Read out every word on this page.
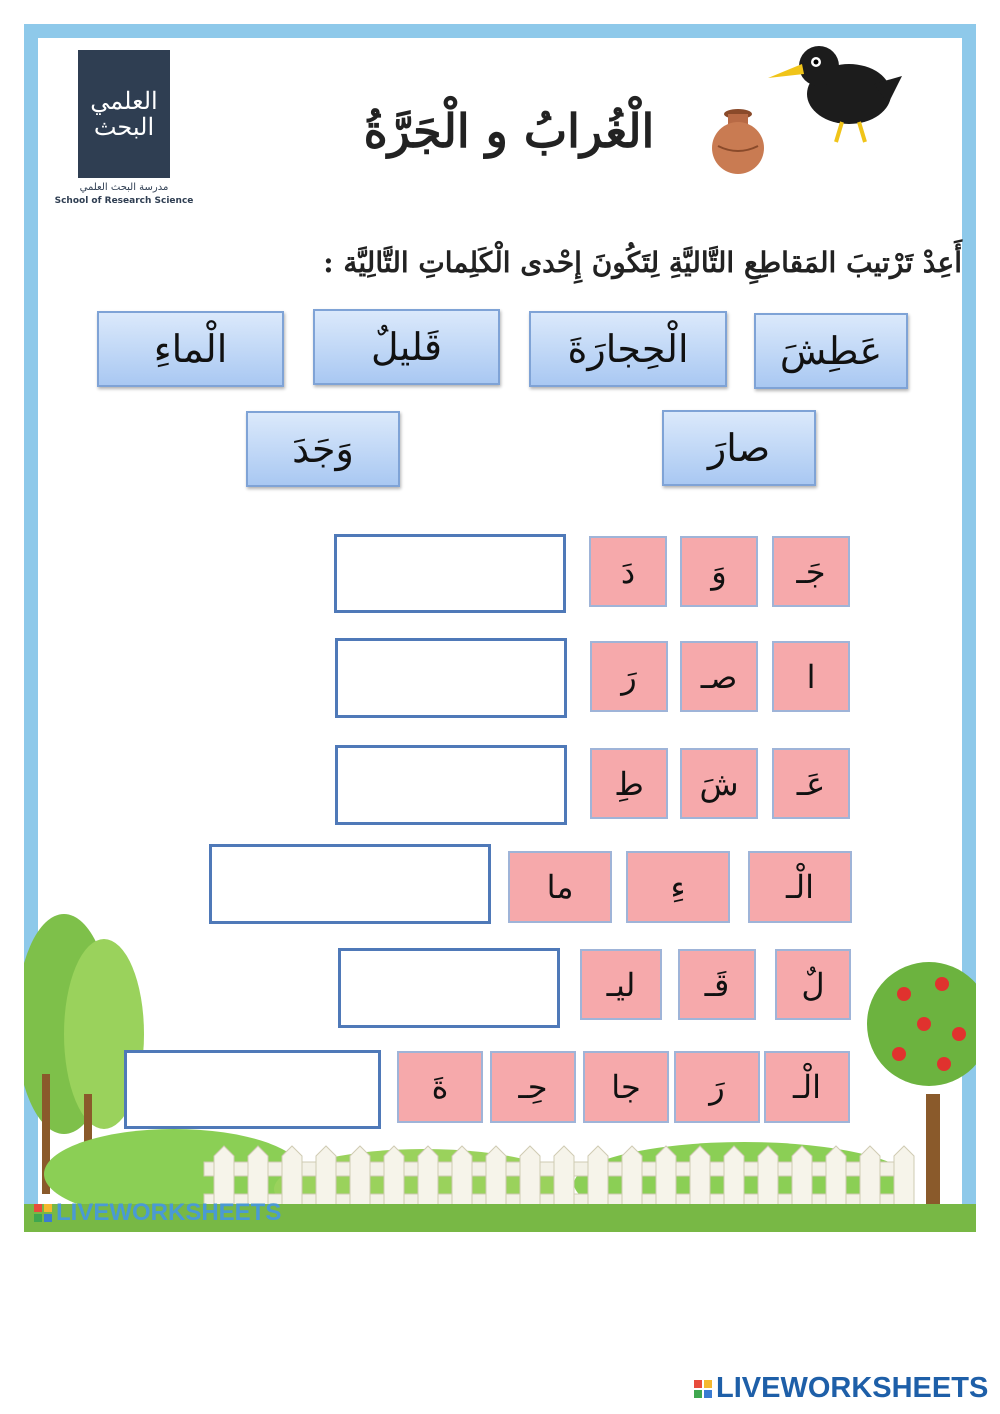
العلمي البحث
مدرسة البحث العلمي
School of Research Science
الْغُرابُ و الْجَرَّةُ
أَعِدْ تَرْتيبَ المَقاطِعِ التَّاليَّةِ لِتَكُونَ إِحْدى الْكَلِماتِ التَّالِيَّة :
عَطِشَ
الْحِجارَةَ
قَليلٌ
الْماءِ
صارَ
وَجَدَ
جَـ
وَ
دَ
ا
صـ
رَ
عَـ
شَ
طِ
الْـ
ءِ
ما
لٌ
قَـ
ليـ
الْـ
رَ
جا
حِـ
ةَ
LIVEWORKSHEETS
LIVEWORKSHEETS
